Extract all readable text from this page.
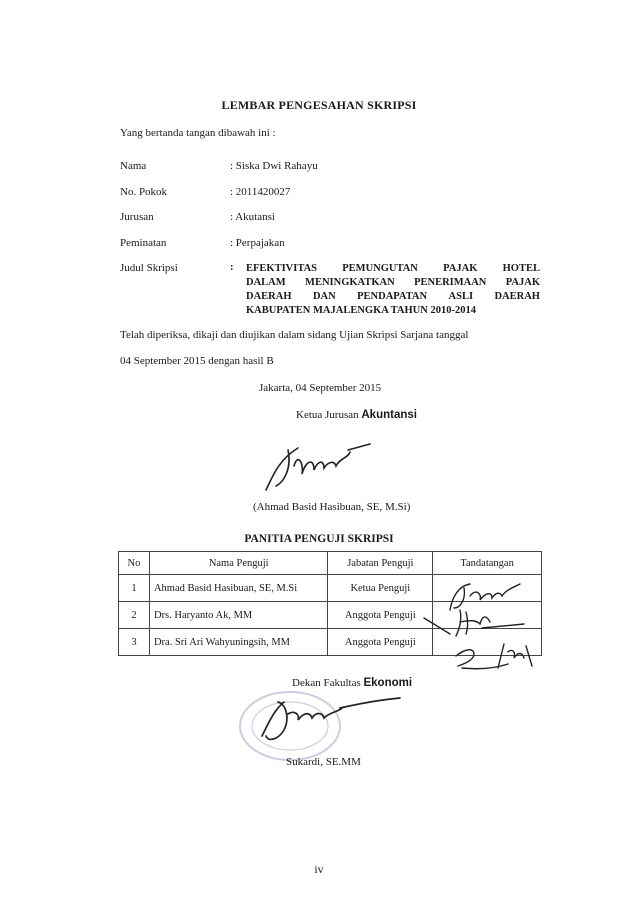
LEMBAR PENGESAHAN SKRIPSI
Yang bertanda tangan dibawah ini :
Nama	: Siska Dwi Rahayu
No. Pokok	: 2011420027
Jurusan	: Akutansi
Peminatan	: Perpajakan
Judul Skripsi	: EFEKTIVITAS PEMUNGUTAN PAJAK HOTEL
DALAM MENINGKATKAN PENERIMAAN PAJAK
DAERAH DAN PENDAPATAN ASLI DAERAH
KABUPATEN MAJALENGKA TAHUN 2010-2014
Telah diperiksa, dikaji dan diujikan dalam sidang Ujian Skripsi Sarjana tanggal
04 September 2015 dengan hasil B
Jakarta, 04 September 2015
Ketua Jurusan Akuntansi
(Ahmad Basid Hasibuan, SE, M.Si)
PANITIA PENGUJI SKRIPSI
No	Nama Penguji	Jabatan Penguji	Tandatangan
1	Ahmad Basid Hasibuan, SE, M.Si	Ketua Penguji	
2	Drs. Haryanto Ak, MM	Anggota Penguji	
3	Dra. Sri Ari Wahyuningsih, MM	Anggota Penguji	
Dekan Fakultas Ekonomi
Sukardi, SE.MM
iv
